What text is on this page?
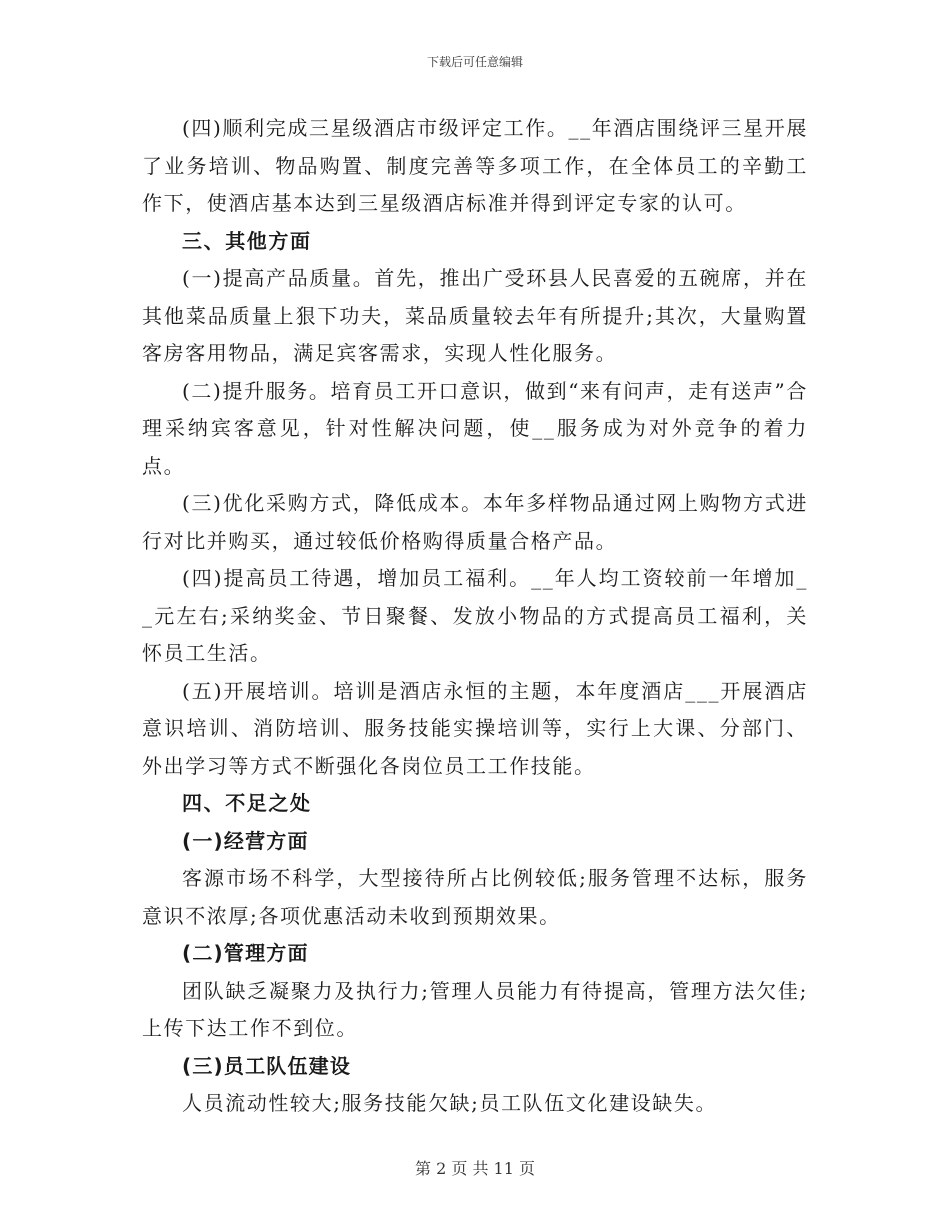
下载后可任意编辑

(四)顺利完成三星级酒店市级评定工作。__年酒店围绕评三星开展了业务培训、物品购置、制度完善等多项工作，在全体员工的辛勤工作下，使酒店基本达到三星级酒店标准并得到评定专家的认可。

三、其他方面

(一)提高产品质量。首先，推出广受环县人民喜爱的五碗席，并在其他菜品质量上狠下功夫，菜品质量较去年有所提升;其次，大量购置客房客用物品，满足宾客需求，实现人性化服务。

(二)提升服务。培育员工开口意识，做到“来有问声，走有送声”合理采纳宾客意见，针对性解决问题，使__服务成为对外竞争的着力点。

(三)优化采购方式，降低成本。本年多样物品通过网上购物方式进行对比并购买，通过较低价格购得质量合格产品。

(四)提高员工待遇，增加员工福利。__年人均工资较前一年增加__元左右;采纳奖金、节日聚餐、发放小物品的方式提高员工福利，关怀员工生活。

(五)开展培训。培训是酒店永恒的主题，本年度酒店___开展酒店意识培训、消防培训、服务技能实操培训等，实行上大课、分部门、外出学习等方式不断强化各岗位员工工作技能。

四、不足之处

(一)经营方面

客源市场不科学，大型接待所占比例较低;服务管理不达标，服务意识不浓厚;各项优惠活动未收到预期效果。

(二)管理方面

团队缺乏凝聚力及执行力;管理人员能力有待提高，管理方法欠佳;上传下达工作不到位。

(三)员工队伍建设

人员流动性较大;服务技能欠缺;员工队伍文化建设缺失。

第 2 页 共 11 页
